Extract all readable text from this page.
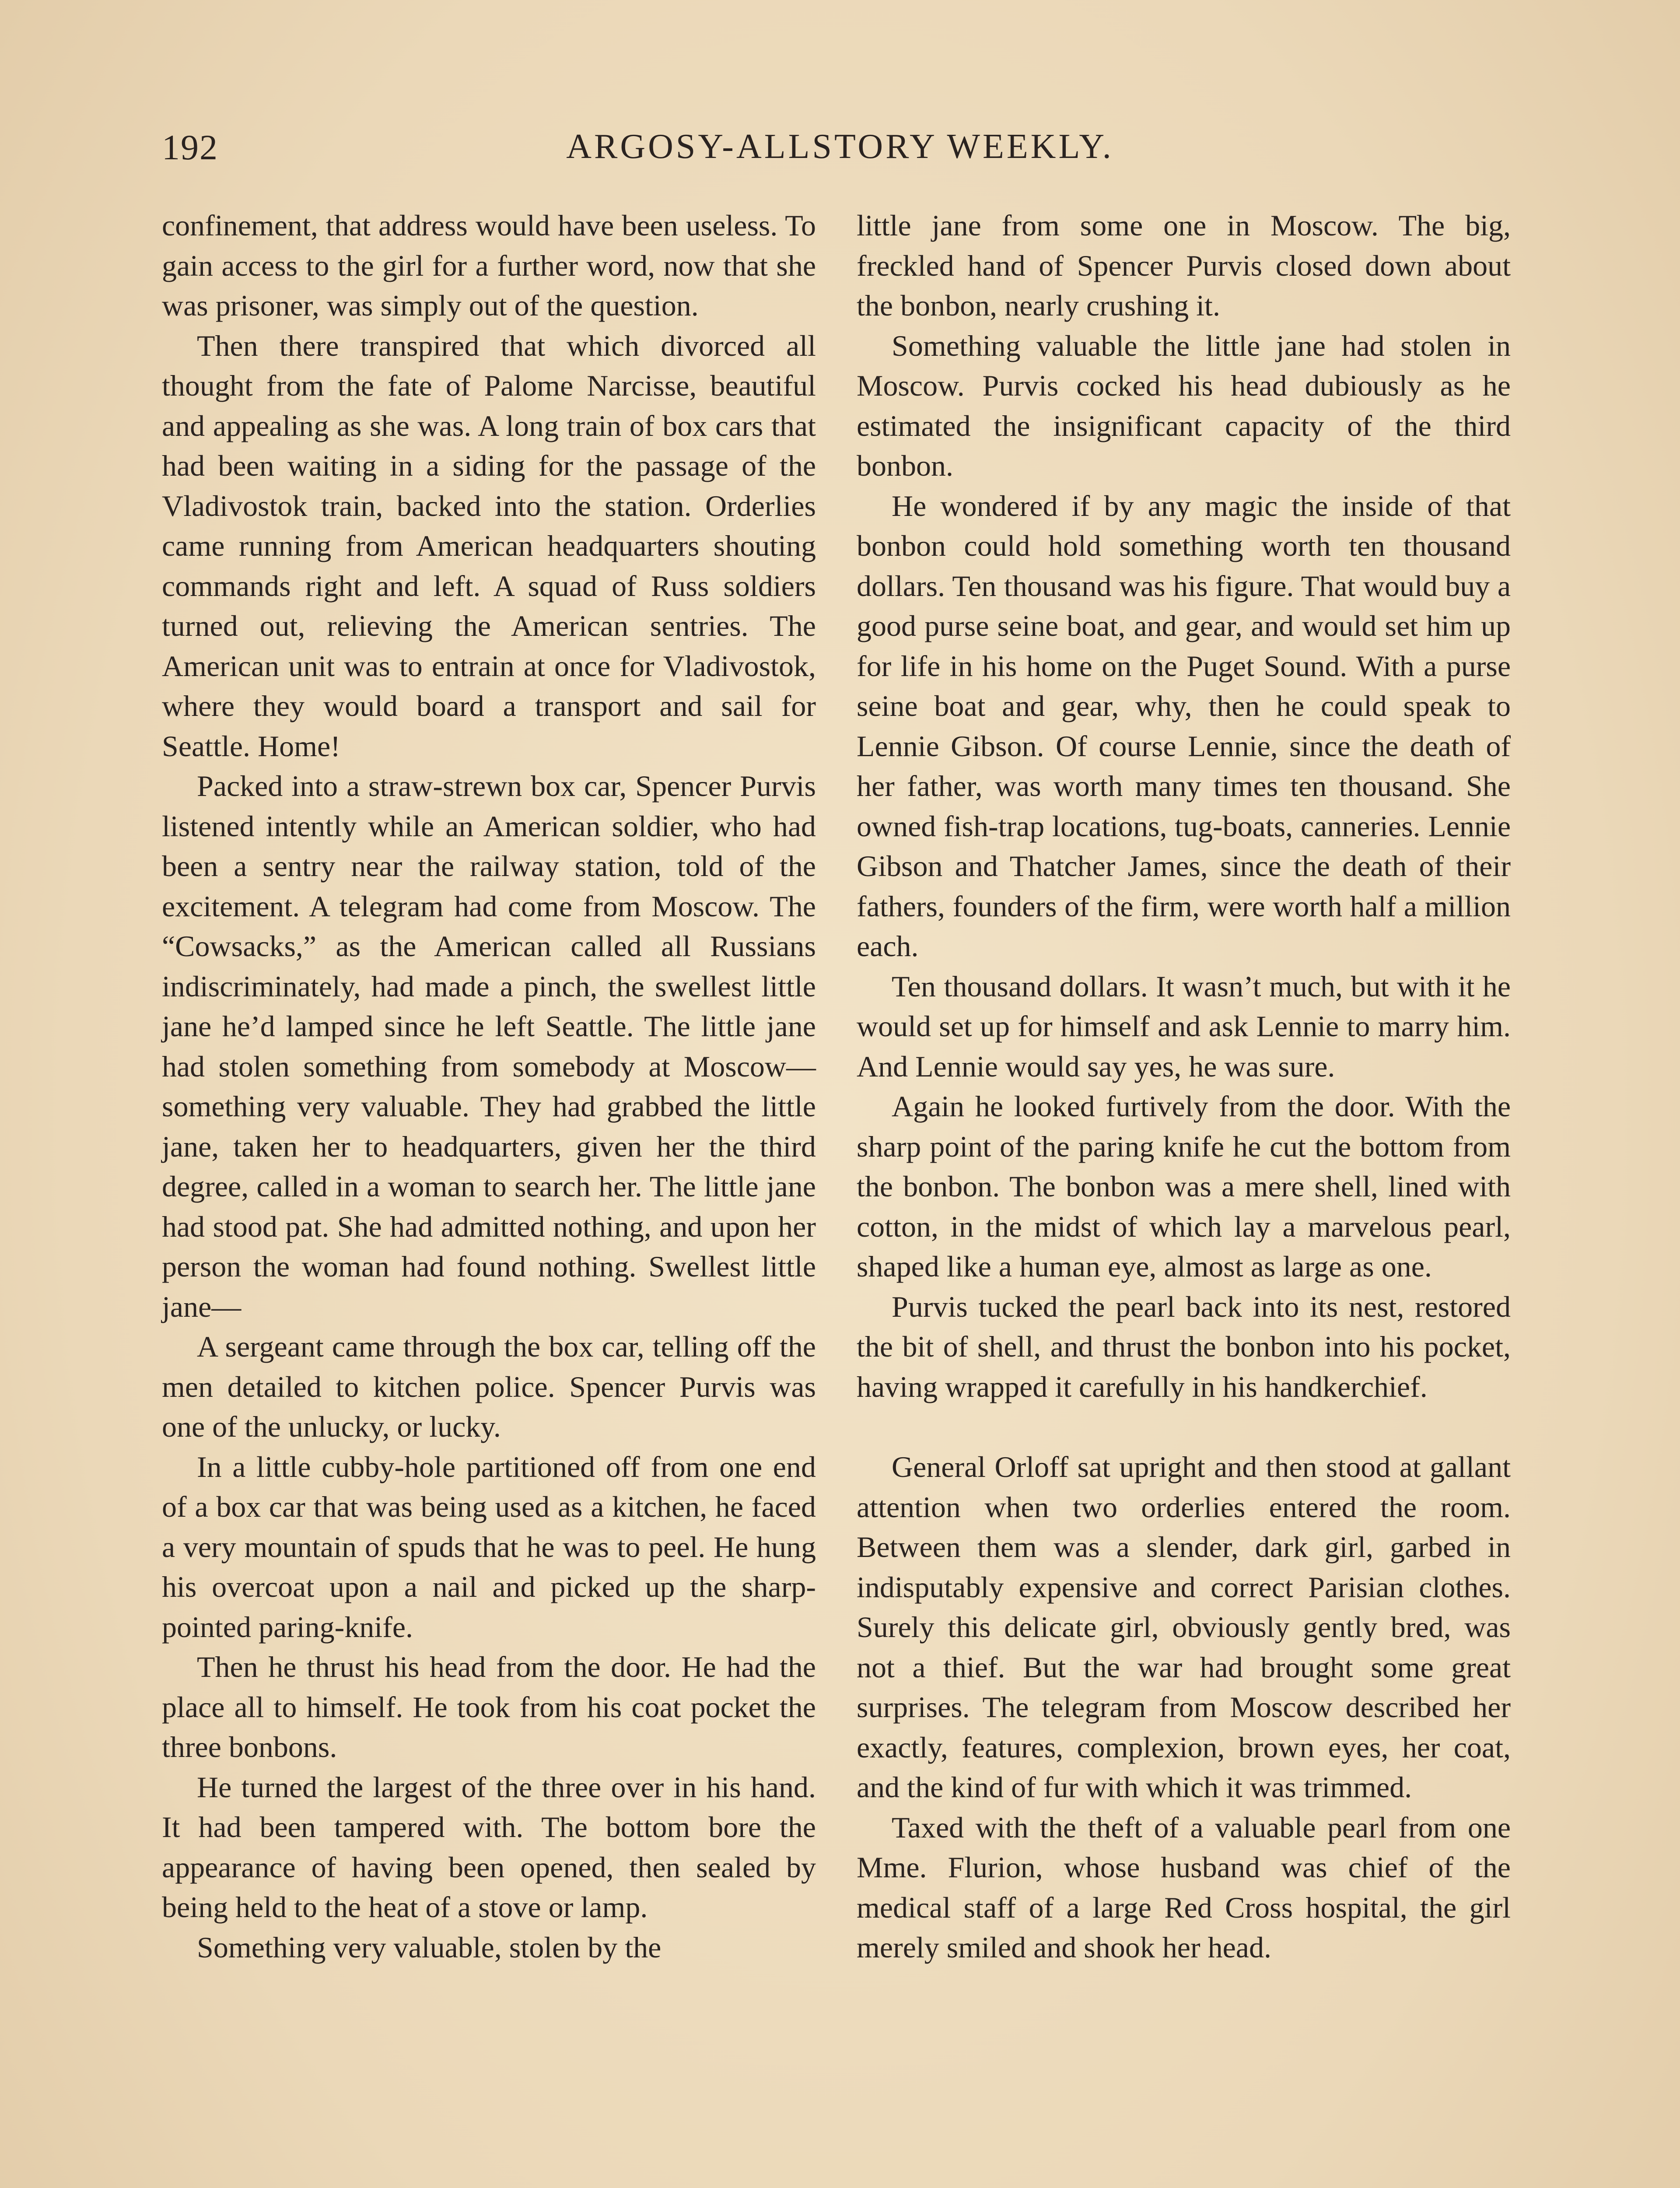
192	ARGOSY-ALLSTORY WEEKLY.

confinement, that address would have been useless. To gain access to the girl for a further word, now that she was prisoner, was simply out of the question.

Then there transpired that which divorced all thought from the fate of Palome Narcisse, beautiful and appealing as she was. A long train of box cars that had been waiting in a siding for the passage of the Vladivostok train, backed into the station. Orderlies came running from American headquarters shouting commands right and left. A squad of Russ soldiers turned out, relieving the American sentries. The American unit was to entrain at once for Vladivostok, where they would board a transport and sail for Seattle. Home!

Packed into a straw-strewn box car, Spencer Purvis listened intently while an American soldier, who had been a sentry near the railway station, told of the excitement. A telegram had come from Moscow. The “Cowsacks,” as the American called all Russians indiscriminately, had made a pinch, the swellest little jane he’d lamped since he left Seattle. The little jane had stolen something from somebody at Moscow—something very valuable. They had grabbed the little jane, taken her to headquarters, given her the third degree, called in a woman to search her. The little jane had stood pat. She had admitted nothing, and upon her person the woman had found nothing. Swellest little jane—

A sergeant came through the box car, telling off the men detailed to kitchen police. Spencer Purvis was one of the unlucky, or lucky.

In a little cubby-hole partitioned off from one end of a box car that was being used as a kitchen, he faced a very mountain of spuds that he was to peel. He hung his overcoat upon a nail and picked up the sharp-pointed paring-knife.

Then he thrust his head from the door. He had the place all to himself. He took from his coat pocket the three bonbons.

He turned the largest of the three over in his hand. It had been tampered with. The bottom bore the appearance of having been opened, then sealed by being held to the heat of a stove or lamp.

Something very valuable, stolen by the

little jane from some one in Moscow. The big, freckled hand of Spencer Purvis closed down about the bonbon, nearly crushing it.

Something valuable the little jane had stolen in Moscow. Purvis cocked his head dubiously as he estimated the insignificant capacity of the third bonbon.

He wondered if by any magic the inside of that bonbon could hold something worth ten thousand dollars. Ten thousand was his figure. That would buy a good purse seine boat, and gear, and would set him up for life in his home on the Puget Sound. With a purse seine boat and gear, why, then he could speak to Lennie Gibson. Of course Lennie, since the death of her father, was worth many times ten thousand. She owned fish-trap locations, tug-boats, canneries. Lennie Gibson and Thatcher James, since the death of their fathers, founders of the firm, were worth half a million each.

Ten thousand dollars. It wasn’t much, but with it he would set up for himself and ask Lennie to marry him. And Lennie would say yes, he was sure.

Again he looked furtively from the door. With the sharp point of the paring knife he cut the bottom from the bonbon. The bonbon was a mere shell, lined with cotton, in the midst of which lay a marvelous pearl, shaped like a human eye, almost as large as one.

Purvis tucked the pearl back into its nest, restored the bit of shell, and thrust the bonbon into his pocket, having wrapped it carefully in his handkerchief.

General Orloff sat upright and then stood at gallant attention when two orderlies entered the room. Between them was a slender, dark girl, garbed in indisputably expensive and correct Parisian clothes. Surely this delicate girl, obviously gently bred, was not a thief. But the war had brought some great surprises. The telegram from Moscow described her exactly, features, complexion, brown eyes, her coat, and the kind of fur with which it was trimmed.

Taxed with the theft of a valuable pearl from one Mme. Flurion, whose husband was chief of the medical staff of a large Red Cross hospital, the girl merely smiled and shook her head.
